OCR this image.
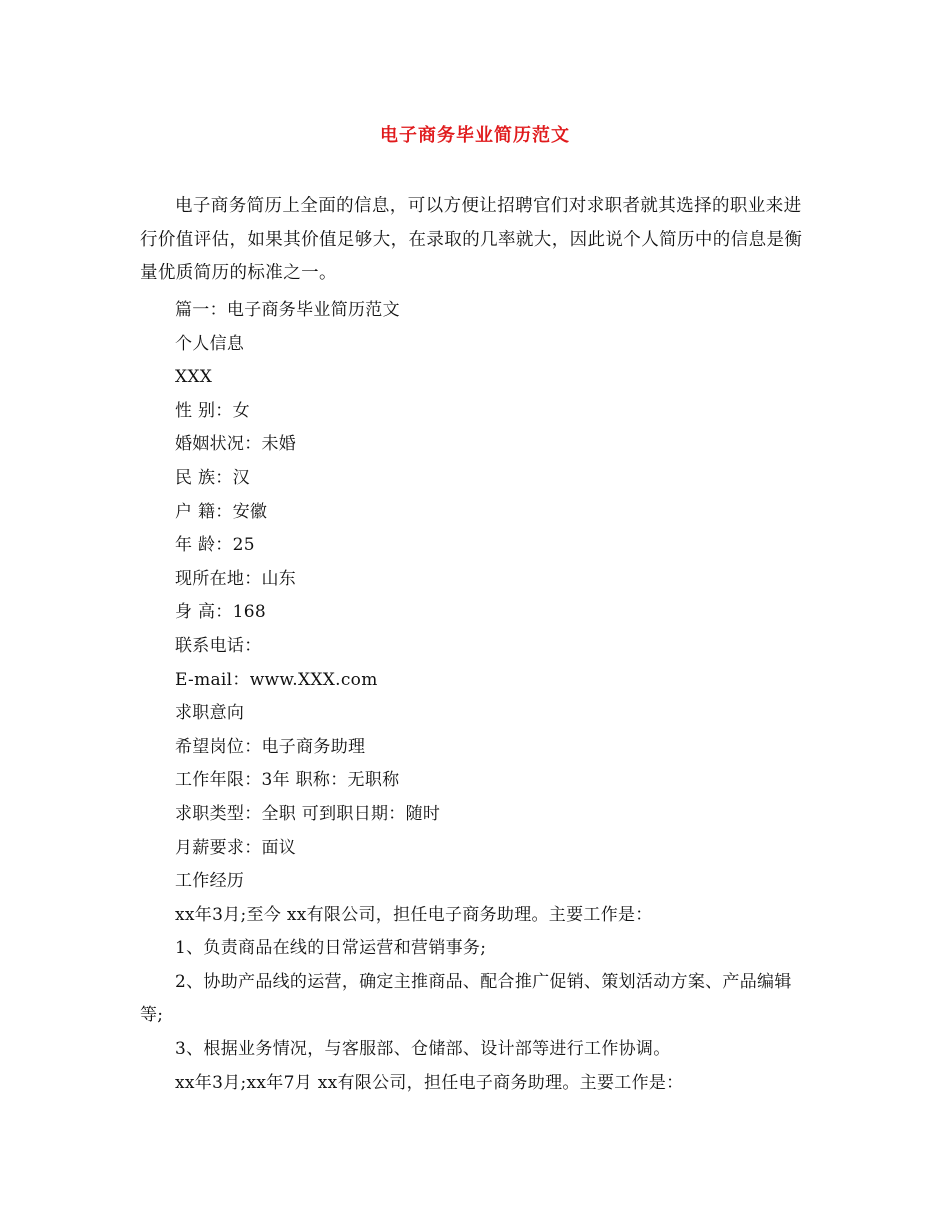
电子商务毕业简历范文

电子商务简历上全面的信息，可以方便让招聘官们对求职者就其选择的职业来进行价值评估，如果其价值足够大，在录取的几率就大，因此说个人简历中的信息是衡量优质简历的标准之一。

篇一：电子商务毕业简历范文
个人信息
XXX
性 别：女
婚姻状况：未婚
民 族：汉
户 籍：安徽
年 龄：25
现所在地：山东
身 高：168
联系电话：
E-mail：www.XXX.com
求职意向
希望岗位：电子商务助理
工作年限：3年 职称：无职称
求职类型：全职 可到职日期：随时
月薪要求：面议
工作经历
xx年3月;至今 xx有限公司，担任电子商务助理。主要工作是：
1、负责商品在线的日常运营和营销事务;
2、协助产品线的运营，确定主推商品、配合推广促销、策划活动方案、产品编辑等;
3、根据业务情况，与客服部、仓储部、设计部等进行工作协调。
xx年3月;xx年7月 xx有限公司，担任电子商务助理。主要工作是：
